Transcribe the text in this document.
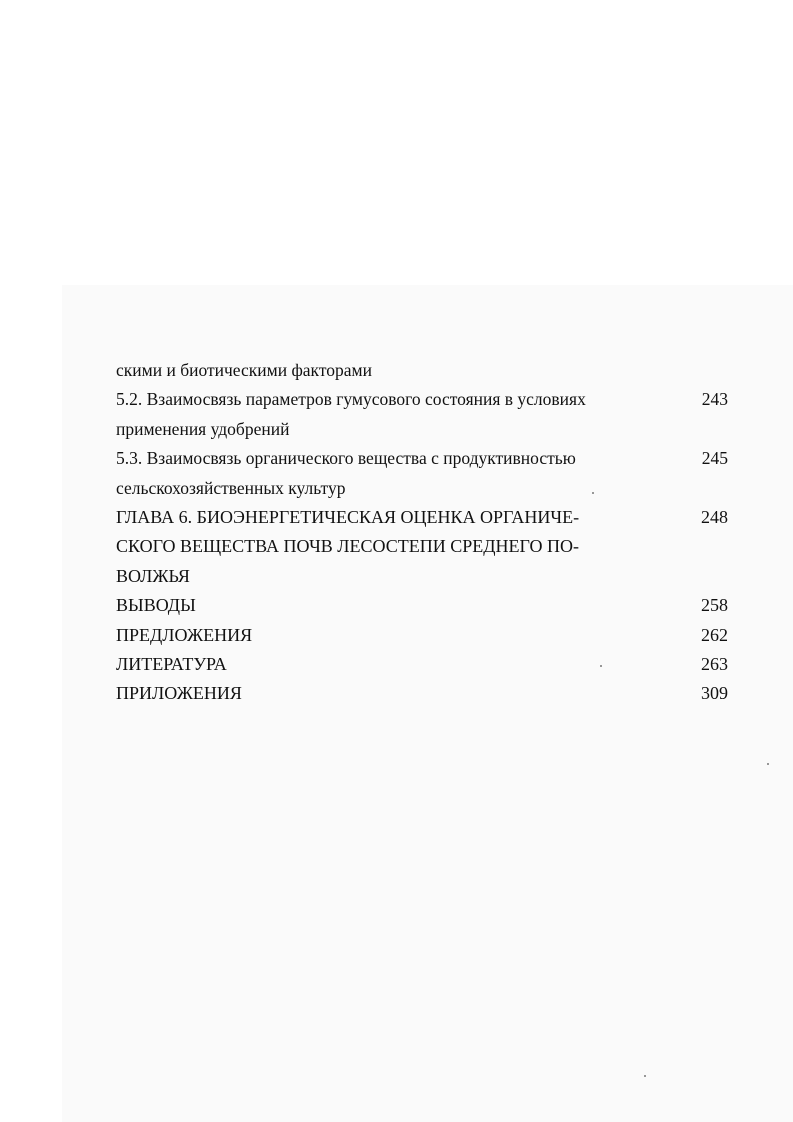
скими и биотическими факторами
5.2. Взаимосвязь параметров гумусового состояния в условиях	243
применения удобрений
5.3. Взаимосвязь органического вещества с продуктивностью	245
сельскохозяйственных культур
ГЛАВА 6. БИОЭНЕРГЕТИЧЕСКАЯ ОЦЕНКА ОРГАНИЧЕ-	248
СКОГО ВЕЩЕСТВА ПОЧВ ЛЕСОСТЕПИ СРЕДНЕГО ПО-
ВОЛЖЬЯ
ВЫВОДЫ	258
ПРЕДЛОЖЕНИЯ	262
ЛИТЕРАТУРА	263
ПРИЛОЖЕНИЯ	309
